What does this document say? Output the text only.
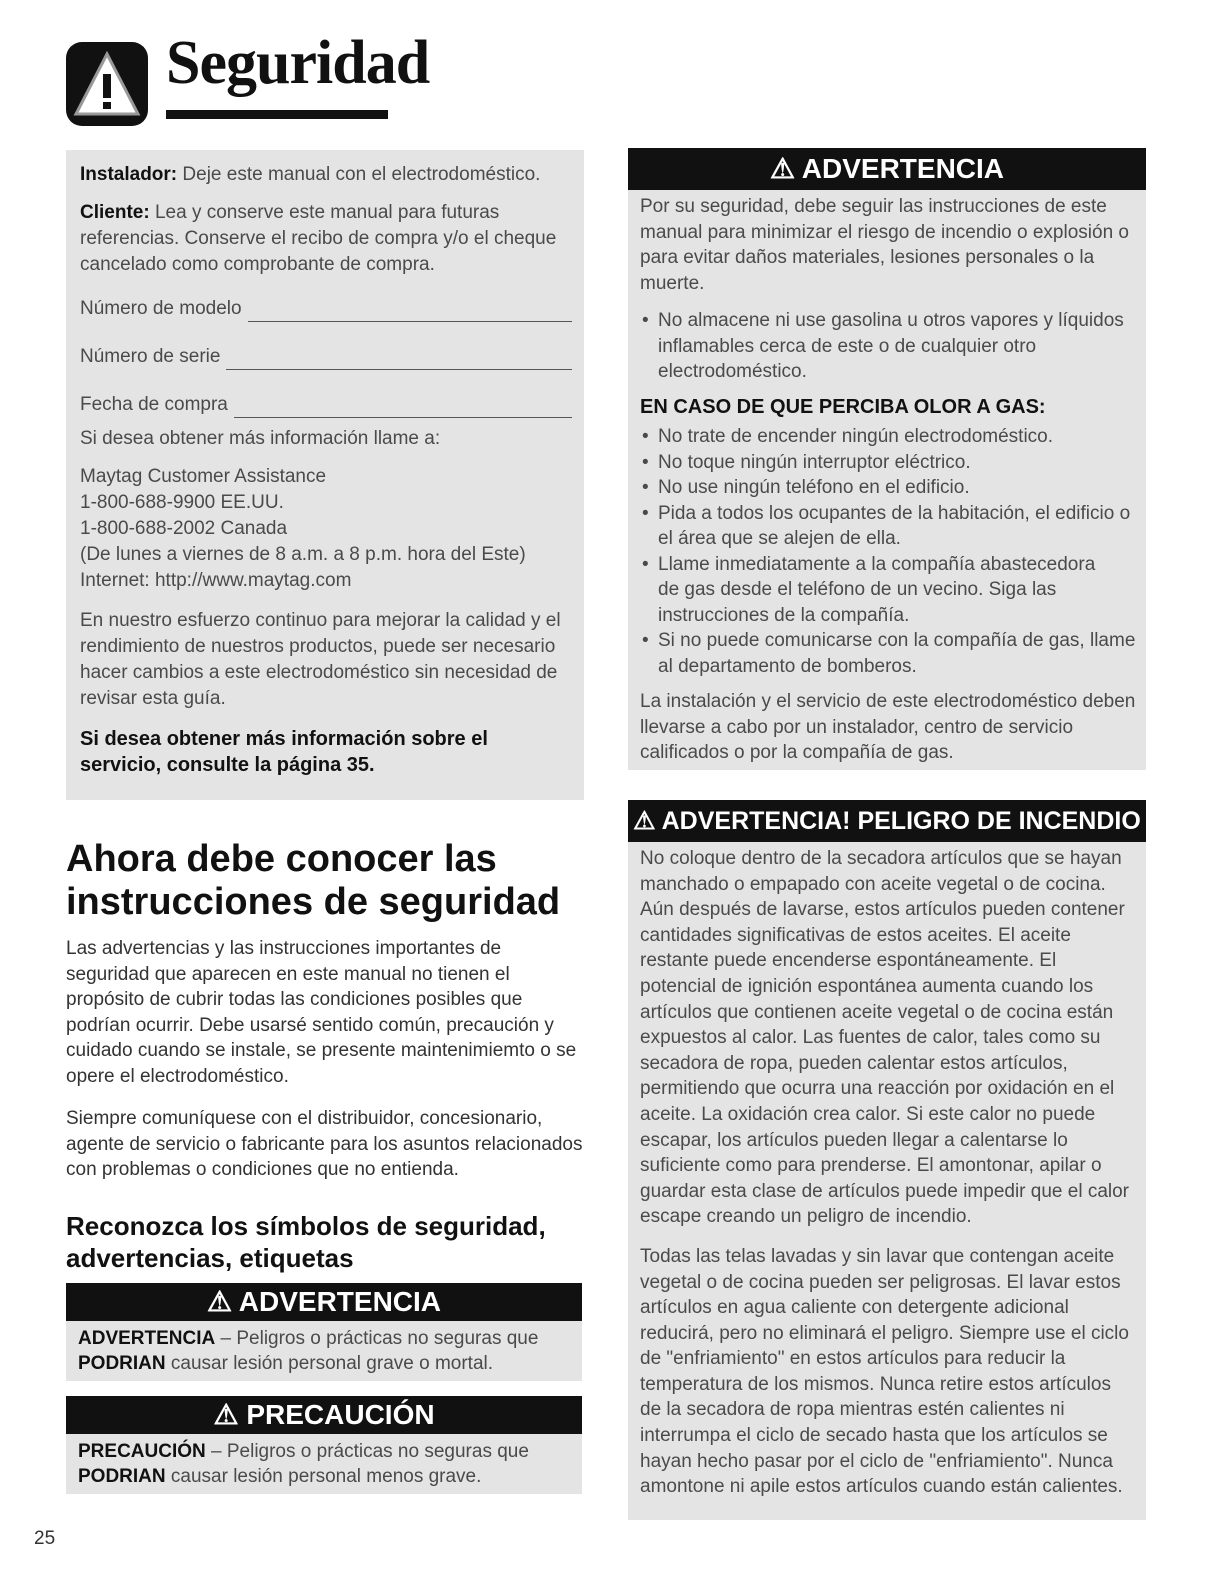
Seguridad

Instalador: Deje este manual con el electrodoméstico.

Cliente: Lea y conserve este manual para futuras referencias. Conserve el recibo de compra y/o el cheque cancelado como comprobante de compra.

Número de modelo
Número de serie
Fecha de compra

Si desea obtener más información llame a:

Maytag Customer Assistance

1-800-688-9900 EE.UU.

1-800-688-2002 Canada

(De lunes a viernes de 8 a.m. a 8 p.m. hora del Este)

Internet: http://www.maytag.com

En nuestro esfuerzo continuo para mejorar la calidad y el rendimiento de nuestros productos, puede ser necesario hacer cambios a este electrodoméstico sin necesidad de revisar esta guía.

Si desea obtener más información sobre el servicio, consulte la página 35.

Ahora debe conocer las instrucciones de seguridad

Las advertencias y las instrucciones importantes de seguridad que aparecen en este manual no tienen el propósito de cubrir todas las condiciones posibles que podrían ocurrir. Debe usarsé sentido común, precaución y cuidado cuando se instale, se presente maintenimiemto o se opere el electrodoméstico.

Siempre comuníquese con el distribuidor, concesionario, agente de servicio o fabricante para los asuntos relacionados con problemas o condiciones que no entienda.

Reconozca los símbolos de seguridad, advertencias, etiquetas
⚠ ADVERTENCIA
ADVERTENCIA – Peligros o prácticas no seguras que PODRIAN causar lesión personal grave o mortal.
⚠ PRECAUCIÓN
PRECAUCIÓN – Peligros o prácticas no seguras que PODRIAN causar lesión personal menos grave.
⚠ ADVERTENCIA

Por su seguridad, debe seguir las instrucciones de este manual para minimizar el riesgo de incendio o explosión o para evitar daños materiales, lesiones personales o la muerte.

• No almacene ni use gasolina u otros vapores y líquidos inflamables cerca de este o de cualquier otro electrodoméstico.

EN CASO DE QUE PERCIBA OLOR A GAS:

• No trate de encender ningún electrodoméstico.
• No toque ningún interruptor eléctrico.
• No use ningún teléfono en el edificio.
• Pida a todos los ocupantes de la habitación, el edificio o el área que se alejen de ella.
• Llame inmediatamente a la compañía abastecedora de gas desde el teléfono de un vecino. Siga las instrucciones de la compañía.
• Si no puede comunicarse con la compañía de gas, llame al departamento de bomberos.

La instalación y el servicio de este electrodoméstico deben llevarse a cabo por un instalador, centro de servicio calificados o por la compañía de gas.

⚠ ADVERTENCIA! PELIGRO DE INCENDIO

No coloque dentro de la secadora artículos que se hayan manchado o empapado con aceite vegetal o de cocina. Aún después de lavarse, estos artículos pueden contener cantidades significativas de estos aceites. El aceite restante puede encenderse espontáneamente. El potencial de ignición espontánea aumenta cuando los artículos que contienen aceite vegetal o de cocina están expuestos al calor. Las fuentes de calor, tales como su secadora de ropa, pueden calentar estos artículos, permitiendo que ocurra una reacción por oxidación en el aceite. La oxidación crea calor. Si este calor no puede escapar, los artículos pueden llegar a calentarse lo suficiente como para prenderse. El amontonar, apilar o guardar esta clase de artículos puede impedir que el calor escape creando un peligro de incendio.

Todas las telas lavadas y sin lavar que contengan aceite vegetal o de cocina pueden ser peligrosas. El lavar estos artículos en agua caliente con detergente adicional reducirá, pero no eliminará el peligro. Siempre use el ciclo de "enfriamiento" en estos artículos para reducir la temperatura de los mismos. Nunca retire estos artículos de la secadora de ropa mientras estén calientes ni interrumpa el ciclo de secado hasta que los artículos se hayan hecho pasar por el ciclo de "enfriamiento". Nunca amontone ni apile estos artículos cuando están calientes.

25
